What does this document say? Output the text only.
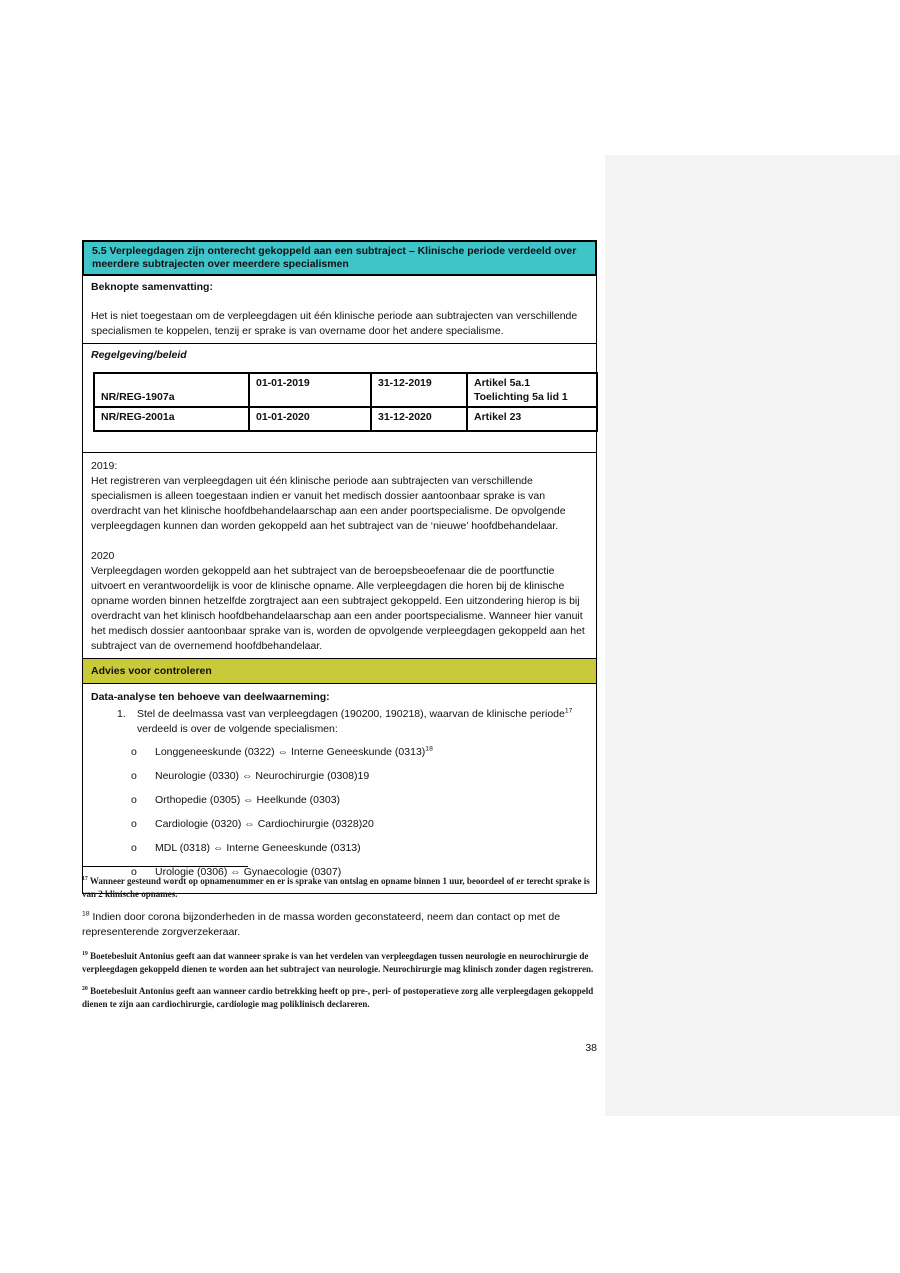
5.5 Verpleegdagen zijn onterecht gekoppeld aan een subtraject – Klinische periode verdeeld over meerdere subtrajecten over meerdere specialismen
Beknopte samenvatting:
Het is niet toegestaan om de verpleegdagen uit één klinische periode aan subtrajecten van verschillende specialismen te koppelen, tenzij er sprake is van overname door het andere specialisme.
Regelgeving/beleid
NR/REG-1907a	01-01-2019	31-12-2019	Artikel 5a.1
Toelichting 5a lid 1

NR/REG-2001a	01-01-2020	31-12-2020	Artikel 23
2019:
Het registreren van verpleegdagen uit één klinische periode aan subtrajecten van verschillende specialismen is alleen toegestaan indien er vanuit het medisch dossier aantoonbaar sprake is van overdracht van het klinische hoofdbehandelaarschap aan een ander poortspecialisme. De opvolgende verpleegdagen kunnen dan worden gekoppeld aan het subtraject van de ‘nieuwe’ hoofdbehandelaar.
2020
Verpleegdagen worden gekoppeld aan het subtraject van de beroepsbeoefenaar die de poortfunctie uitvoert en verantwoordelijk is voor de klinische opname. Alle verpleegdagen die horen bij de klinische opname worden binnen hetzelfde zorgtraject aan een subtraject gekoppeld. Een uitzondering hierop is bij overdracht van het klinisch hoofdbehandelaarschap aan een ander poortspecialisme. Wanneer hier vanuit het medisch dossier aantoonbaar sprake van is, worden de opvolgende verpleegdagen gekoppeld aan het subtraject van de overnemend hoofdbehandelaar.
Advies voor controleren
Data-analyse ten behoeve van deelwaarneming:
1.	Stel de deelmassa vast van verpleegdagen (190200, 190218), waarvan de klinische periode$^{17}$ verdeeld is over de volgende specialismen:
o	Longgeneeskunde (0322) ⇔ Interne Geneeskunde $(0313)^{18}$
o	Neurologie (0330) ⇔ Neurochirurgie (0308)19
o	Orthopedie (0305) ⇔ Heelkunde (0303)
o	Cardiologie (0320) ⇔ Cardiochirurgie (0328)20
o	MDL (0318) ⇔ Interne Geneeskunde (0313)
o	Urologie (0306) ⇔ Gynaecologie (0307)
$^{17}$ Wanneer gesteund wordt op opnamenummer en er is sprake van ontslag en opname binnen 1 uur, beoordeel of er terecht sprake is van 2 klinische opnames.
$^{18}$ Indien door corona bijzonderheden in de massa worden geconstateerd, neem dan contact op met de representerende zorgverzekeraar.
$^{19}$ Boetebesluit Antonius geeft aan dat wanneer sprake is van het verdelen van verpleegdagen tussen neurologie en neurochirurgie de verpleegdagen gekoppeld dienen te worden aan het subtraject van neurologie. Neurochirurgie mag klinisch zonder dagen registreren.
$^{20}$ Boetebesluit Antonius geeft aan wanneer cardio betrekking heeft op pre-, peri- of postoperatieve zorg alle verpleegdagen gekoppeld dienen te zijn aan cardiochirurgie, cardiologie mag poliklinisch declareren.
38
